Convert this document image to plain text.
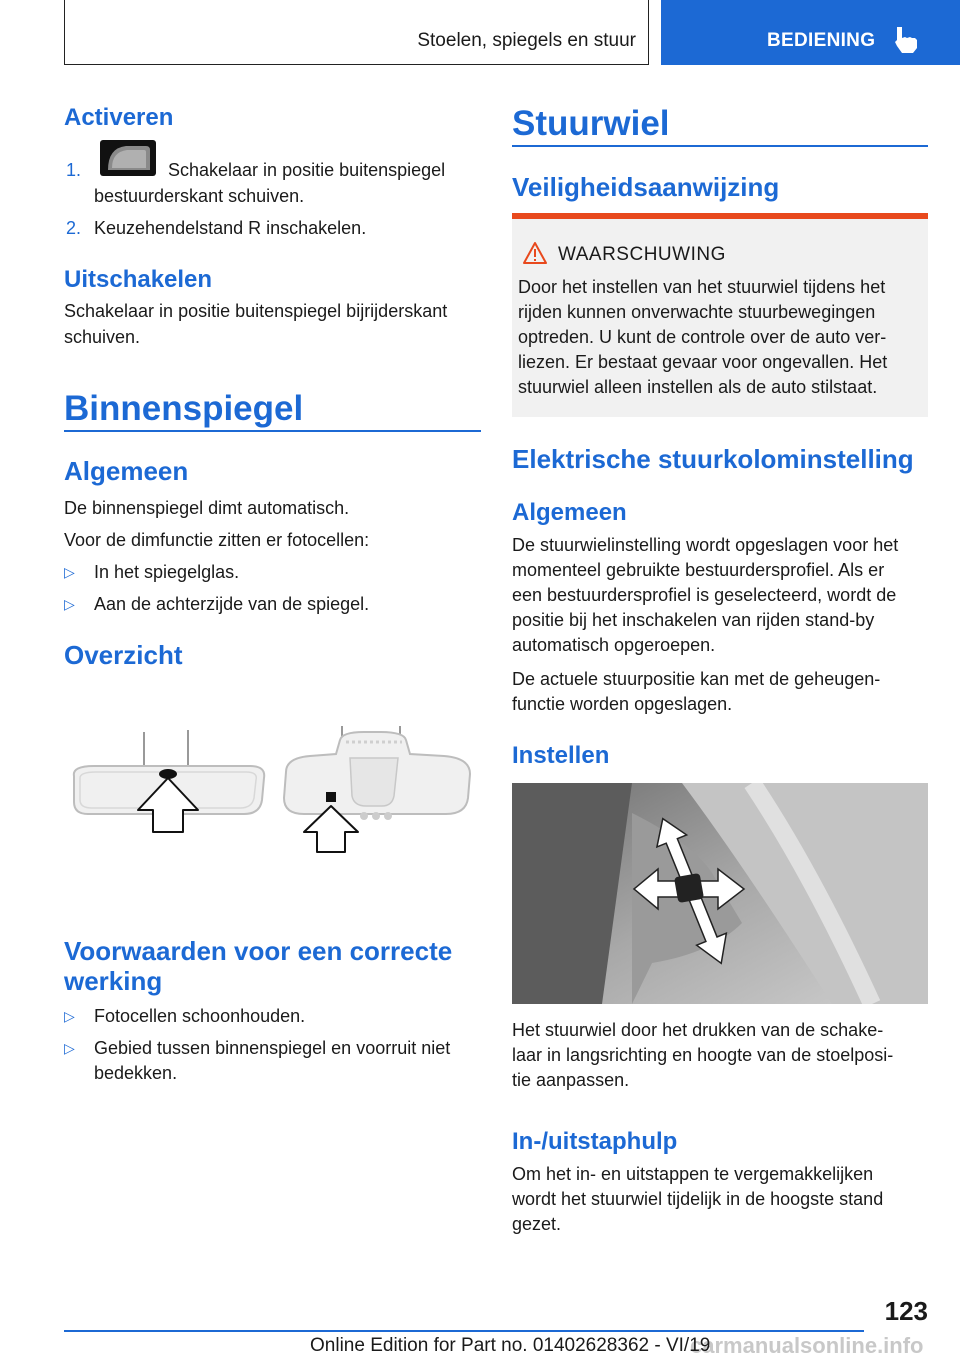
Stoelen, spiegels en stuur	BEDIENING
Activeren
1.	Schakelaar in positie buitenspiegel
bestuurderskant schuiven.
2. Keuzehendelstand R inschakelen.
Uitschakelen
Schakelaar in positie buitenspiegel bijrijderskant
schuiven.
Binnenspiegel
Algemeen
De binnenspiegel dimt automatisch.
Voor de dimfunctie zitten er fotocellen:
▷ In het spiegelglas.
▷ Aan de achterzijde van de spiegel.
Overzicht
Voorwaarden voor een correcte
werking
▷ Fotocellen schoonhouden.
▷ Gebied tussen binnenspiegel en voorruit niet
bedekken.
Stuurwiel
Veiligheidsaanwijzing
WAARSCHUWING
Door het instellen van het stuurwiel tijdens het
rijden kunnen onverwachte stuurbewegingen
optreden. U kunt de controle over de auto ver-
liezen. Er bestaat gevaar voor ongevallen. Het
stuurwiel alleen instellen als de auto stilstaat.
Elektrische stuurkolominstelling
Algemeen
De stuurwielinstelling wordt opgeslagen voor het
momenteel gebruikte bestuurdersprofiel. Als er
een bestuurdersprofiel is geselecteerd, wordt de
positie bij het inschakelen van rijden stand-by
automatisch opgeroepen.
De actuele stuurpositie kan met de geheugen-
functie worden opgeslagen.
Instellen
Het stuurwiel door het drukken van de schake-
laar in langsrichting en hoogte van de stoelposi-
tie aanpassen.
In-/uitstaphulp
Om het in- en uitstappen te vergemakkelijken
wordt het stuurwiel tijdelijk in de hoogste stand
gezet.
123
carmanualsonline.info
Online Edition for Part no. 01402628362 - VI/19
